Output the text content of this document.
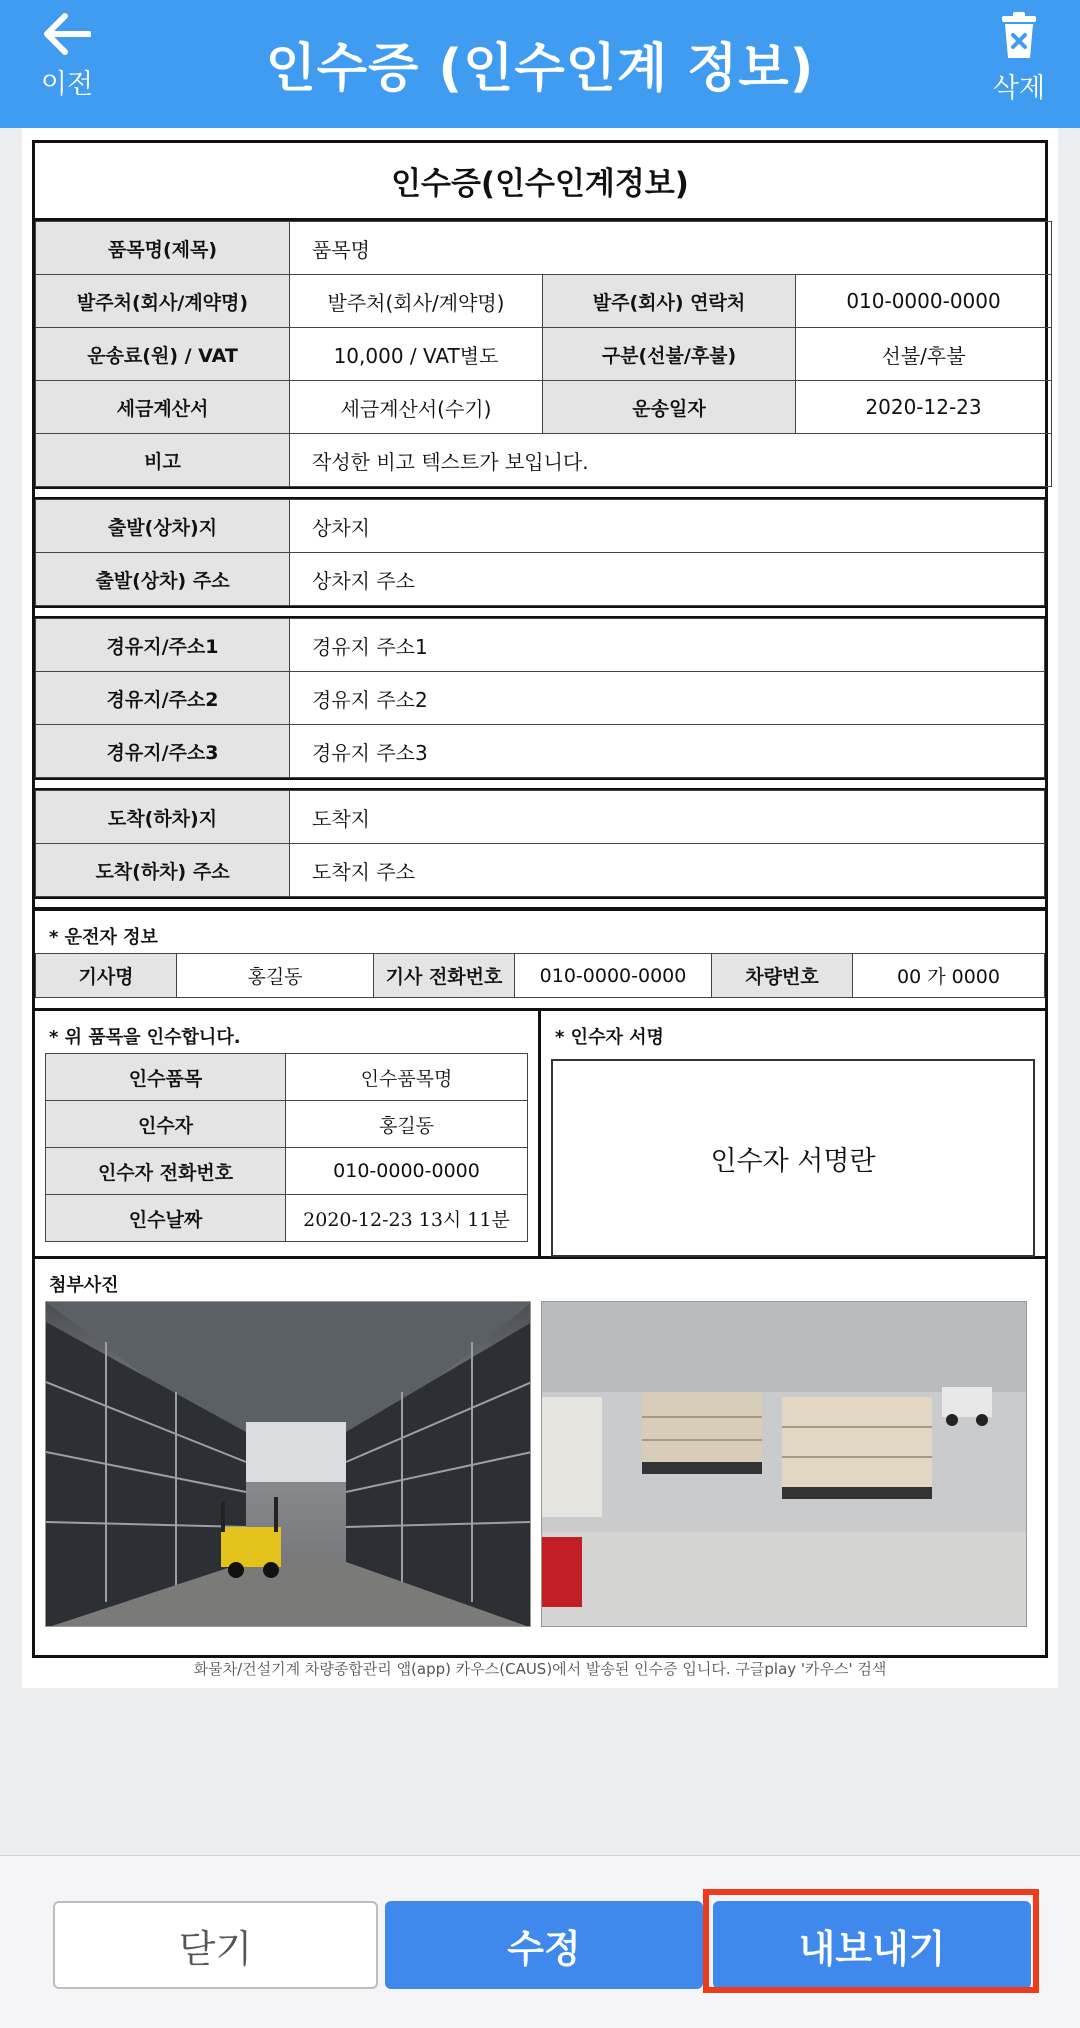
이전	인수증 (인수인계 정보)	삭제
인수증(인수인계정보)
품목명(제목)	품목명		
발주처(회사/계약명)	발주처(회사/계약명)	발주(회사) 연락처	010-0000-0000
운송료(원) / VAT	10,000 / VAT별도	구분(선불/후불)	선불/후불
세금계산서	세금계산서(수기)	운송일자	2020-12-23
비고	작성한 비고 텍스트가 보입니다.		
출발(상차)지	상차지
출발(상차) 주소	상차지 주소
경유지/주소1	경유지 주소1
경유지/주소2	경유지 주소2
경유지/주소3	경유지 주소3
도착(하차)지	도착지
도착(하차) 주소	도착지 주소
* 운전자 정보
기사명	홍길동	기사 전화번호	010-0000-0000	차량번호	00 가 0000
* 위 품목을 인수합니다.
인수품목	인수품목명
인수자	홍길동
인수자 전화번호	010-0000-0000
인수날짜	2020-12-23 13시 11분
* 인수자 서명
인수자 서명란
첨부사진
화물차/건설기계 차량종합관리 앱(app) 카우스(CAUS)에서 발송된 인수증 입니다. 구글play '카우스' 검색
닫기	수정	내보내기
